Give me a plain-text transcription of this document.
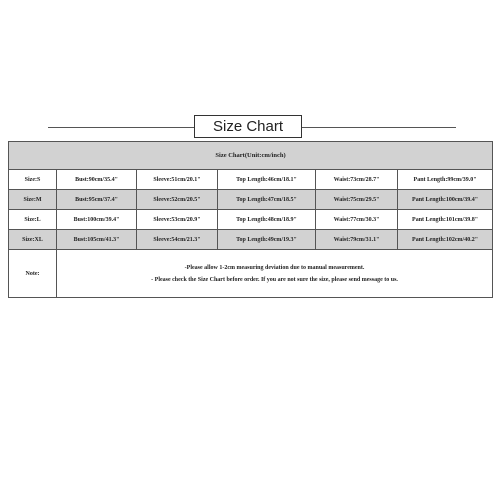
Size Chart
Size Chart(Unit:cm/inch)					
Size:S	Bust:90cm/35.4"	Sleeve:51cm/20.1"	Top Length:46cm/18.1"	Waist:73cm/28.7"	Pant Length:99cm/39.0"
Size:M	Bust:95cm/37.4"	Sleeve:52cm/20.5"	Top Length:47cm/18.5"	Waist:75cm/29.5"	Pant Length:100cm/39.4"
Size:L	Bust:100cm/39.4"	Sleeve:53cm/20.9"	Top Length:48cm/18.9"	Waist:77cm/30.3"	Pant Length:101cm/39.8"
Size:XL	Bust:105cm/41.3"	Sleeve:54cm/21.3"	Top Length:49cm/19.3"	Waist:79cm/31.1"	Pant Length:102cm/40.2"
Note:	-Please allow 1-2cm measuring deviation due to manual measurement.
- Please check the Size Chart before order. If you are not sure the size, please send message to us.				
